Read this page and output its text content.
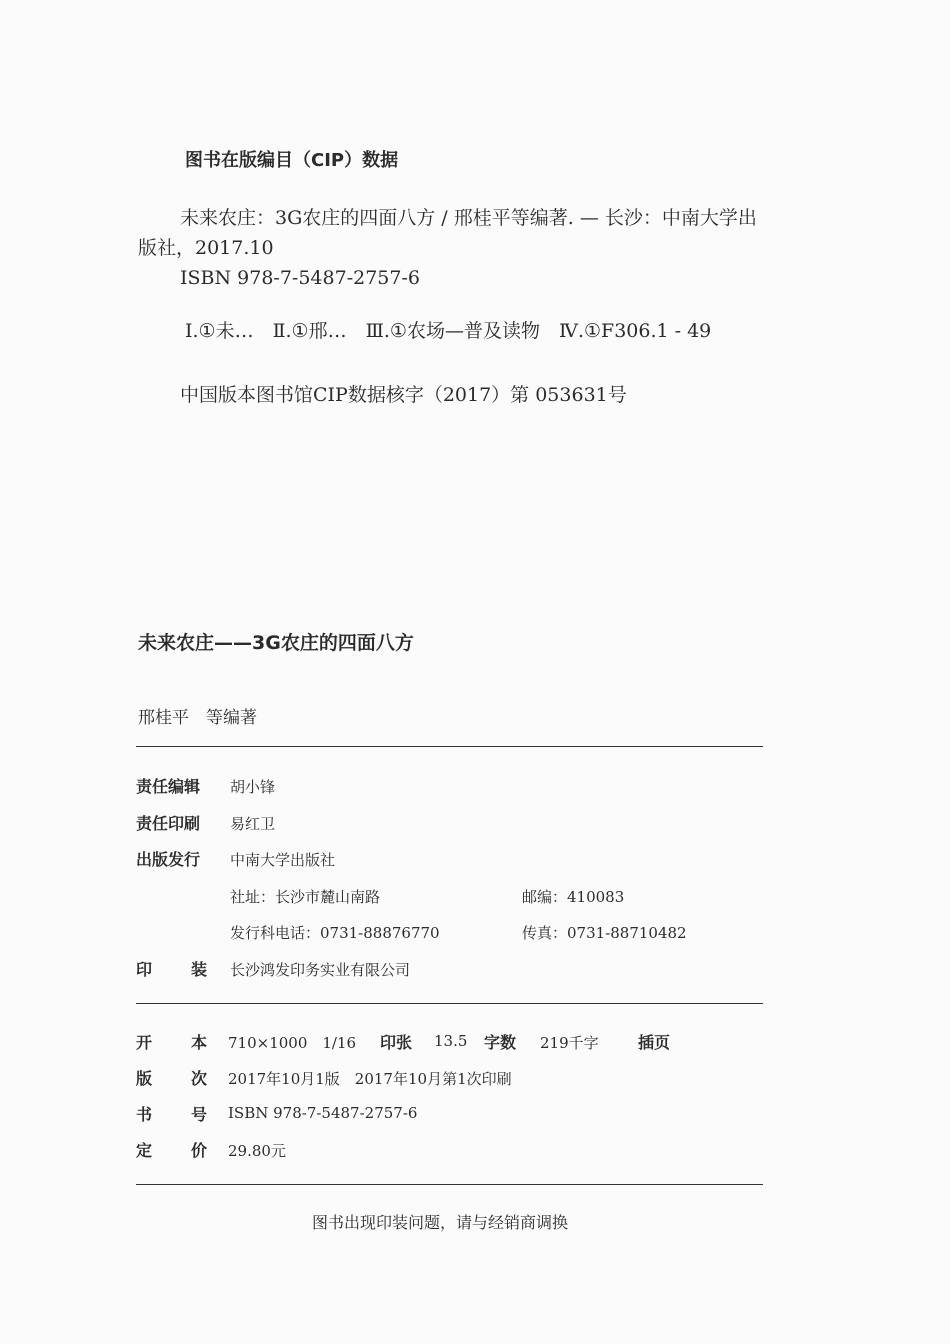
图书在版编目（CIP）数据
未来农庄：3G农庄的四面八方 / 邢桂平等编著. — 长沙：中南大学出
版社，2017.10
ISBN 978-7-5487-2757-6
Ⅰ.①未…　Ⅱ.①邢…　Ⅲ.①农场—普及读物　Ⅳ.①F306.1 - 49
中国版本图书馆CIP数据核字（2017）第 053631号
未来农庄——3G农庄的四面八方
邢桂平　等编著
责任编辑 胡小锋
责任印刷 易红卫
出版发行 中南大学出版社
社址：长沙市麓山南路	邮编：410083
发行科电话：0731-88876770	传真：0731-88710482
印 装 长沙鸿发印务实业有限公司
开 本 710×1000　1/16 印张 13.5 字数 219千字 插页
版 次 2017年10月1版　2017年10月第1次印刷
书 号 ISBN 978-7-5487-2757-6
定 价 29.80元
图书出现印装问题，请与经销商调换
